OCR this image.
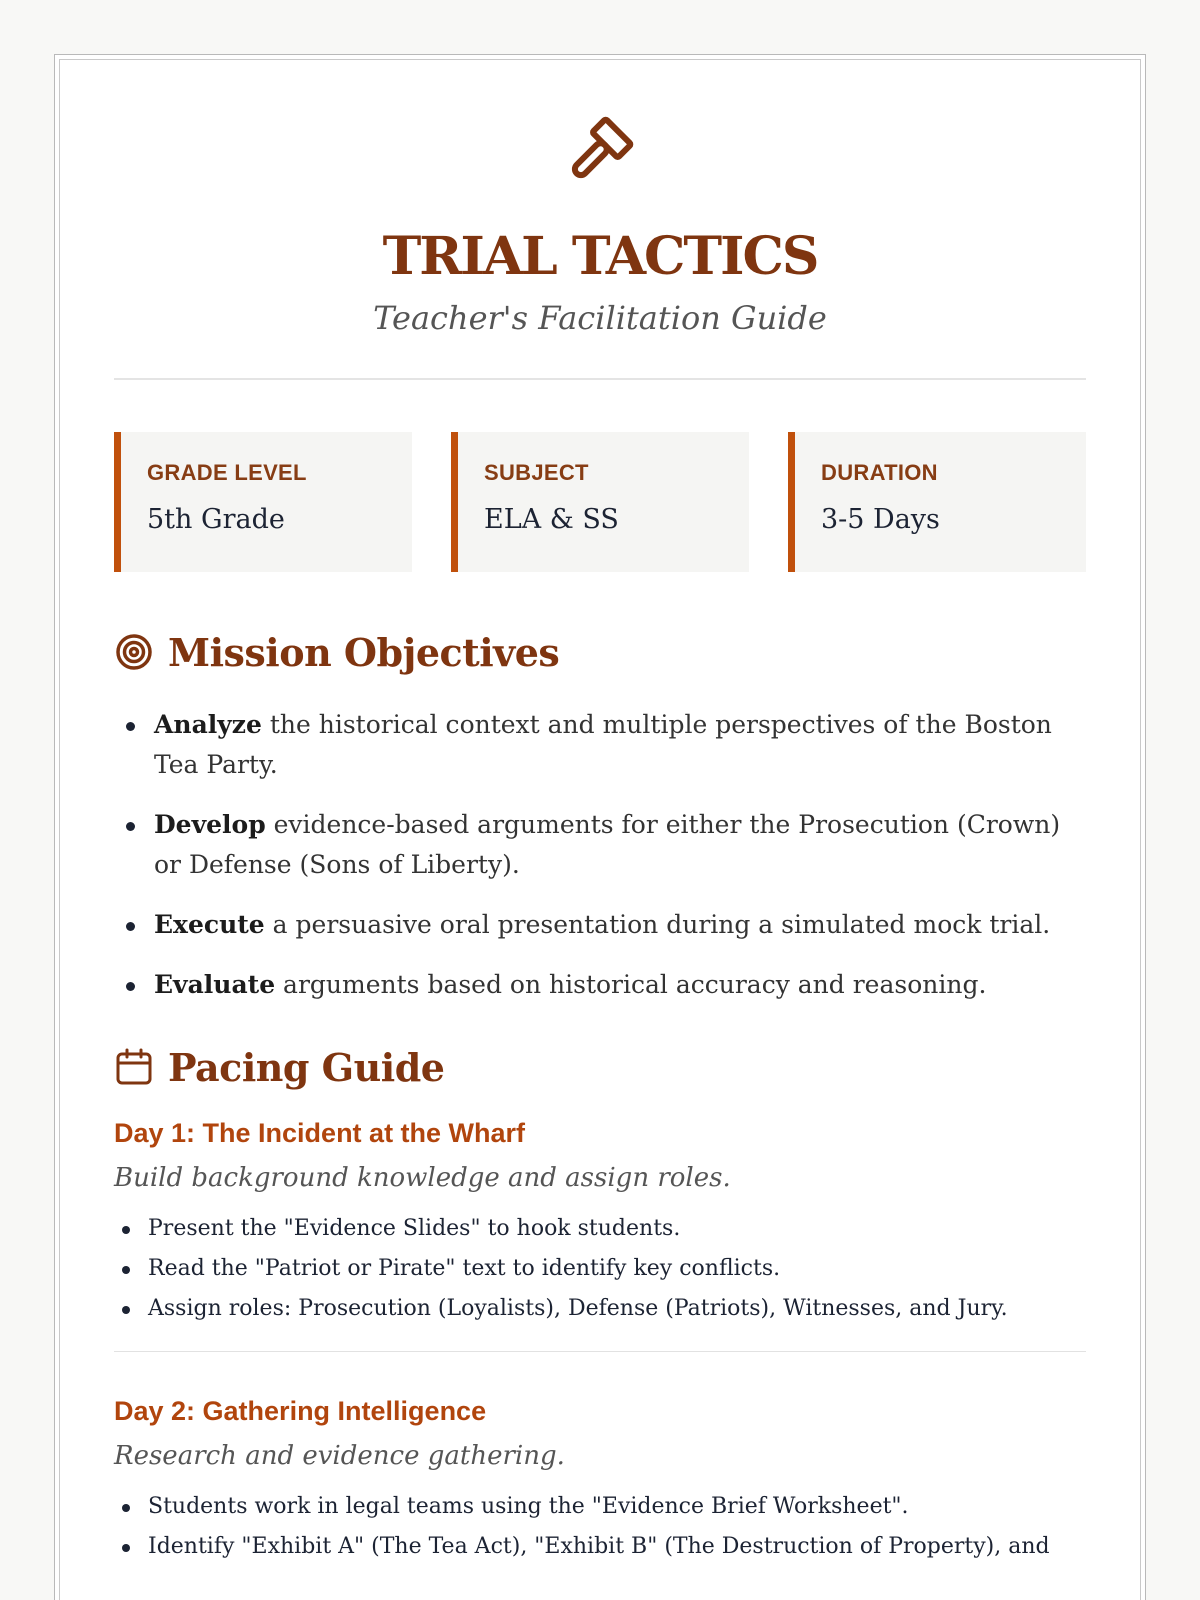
TRIAL TACTICS
Teacher's Facilitation Guide
GRADE LEVEL
5th Grade
SUBJECT
ELA & SS
DURATION
3-5 Days
Mission Objectives
Analyze the historical context and multiple perspectives of the Boston Tea Party.
Develop evidence-based arguments for either the Prosecution (Crown) or Defense (Sons of Liberty).
Execute a persuasive oral presentation during a simulated mock trial.
Evaluate arguments based on historical accuracy and reasoning.
Pacing Guide
Day 1: The Incident at the Wharf
Build background knowledge and assign roles.
Present the "Evidence Slides" to hook students.
Read the "Patriot or Pirate" text to identify key conflicts.
Assign roles: Prosecution (Loyalists), Defense (Patriots), Witnesses, and Jury.
Day 2: Gathering Intelligence
Research and evidence gathering.
Students work in legal teams using the "Evidence Brief Worksheet".
Identify "Exhibit A" (The Tea Act), "Exhibit B" (The Destruction of Property), and
